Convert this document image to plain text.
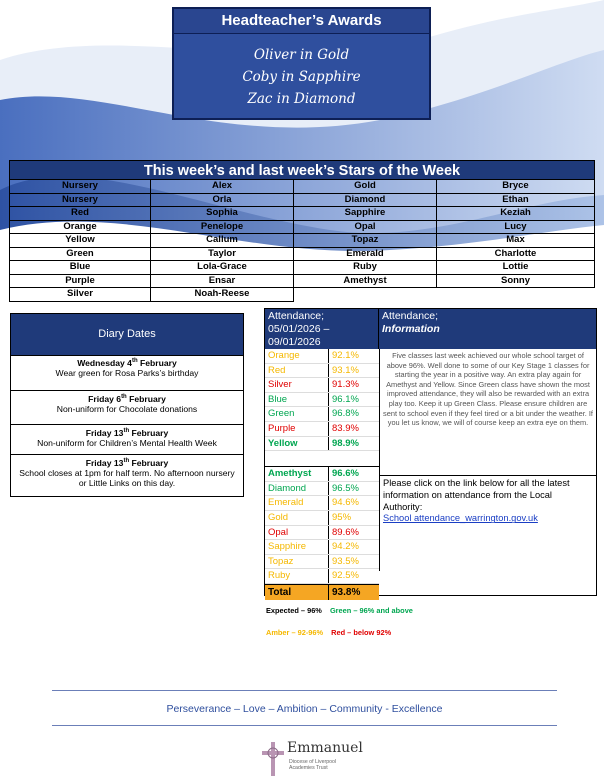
Headteacher’s Awards
Oliver in Gold
Coby in Sapphire
Zac in Diamond
This week’s and last week’s Stars of the Week
Nursery	Alex	Gold	Bryce
Nursery	Orla	Diamond	Ethan
Red	Sophia	Sapphire	Keziah
Orange	Penelope	Opal	Lucy
Yellow	Callum	Topaz	Max
Green	Taylor	Emerald	Charlotte
Blue	Lola-Grace	Ruby	Lottie
Purple	Ensar	Amethyst	Sonny
Silver	Noah-Reese
Diary Dates
Wednesday 4th February
Wear green for Rosa Parks’s birthday
Friday 6th February
Non-uniform for Chocolate donations
Friday 13th February
Non-uniform for Children’s Mental Health Week
Friday 13th February
School closes at 1pm for half term. No afternoon nursery or Little Links on this day.
Attendance; 05/01/2026 – 09/01/2026
Attendance;
Information
Orange	92.1%
Red	93.1%
Silver	91.3%
Blue	96.1%
Green	96.8%
Purple	83.9%
Yellow	98.9%
Amethyst	96.6%
Diamond	96.5%
Emerald	94.6%
Gold	95%
Opal	89.6%
Sapphire	94.2%
Topaz	93.5%
Ruby	92.5%
Total	93.8%
Five classes last week achieved our whole school target of above 96%. Well done to some of our Key Stage 1 classes for starting the year in a positive way. An extra play again for Amethyst and Yellow. Since Green class have shown the most improved attendance, they will also be rewarded with an extra play too. Keep it up Green Class. Please ensure children are sent to school even if they feel tired or a bit under the weather. If you let us know, we will of course keep an extra eye on them.
Please click on the link below for all the latest information on attendance from the Local Authority:
School attendance_warrington.gov.uk
Expected – 96% Green – 96% and above
Amber – 92-96% Red – below 92%
Perseverance – Love – Ambition – Community - Excellence
Emmanuel
Diocese of Liverpool
Academies Trust
